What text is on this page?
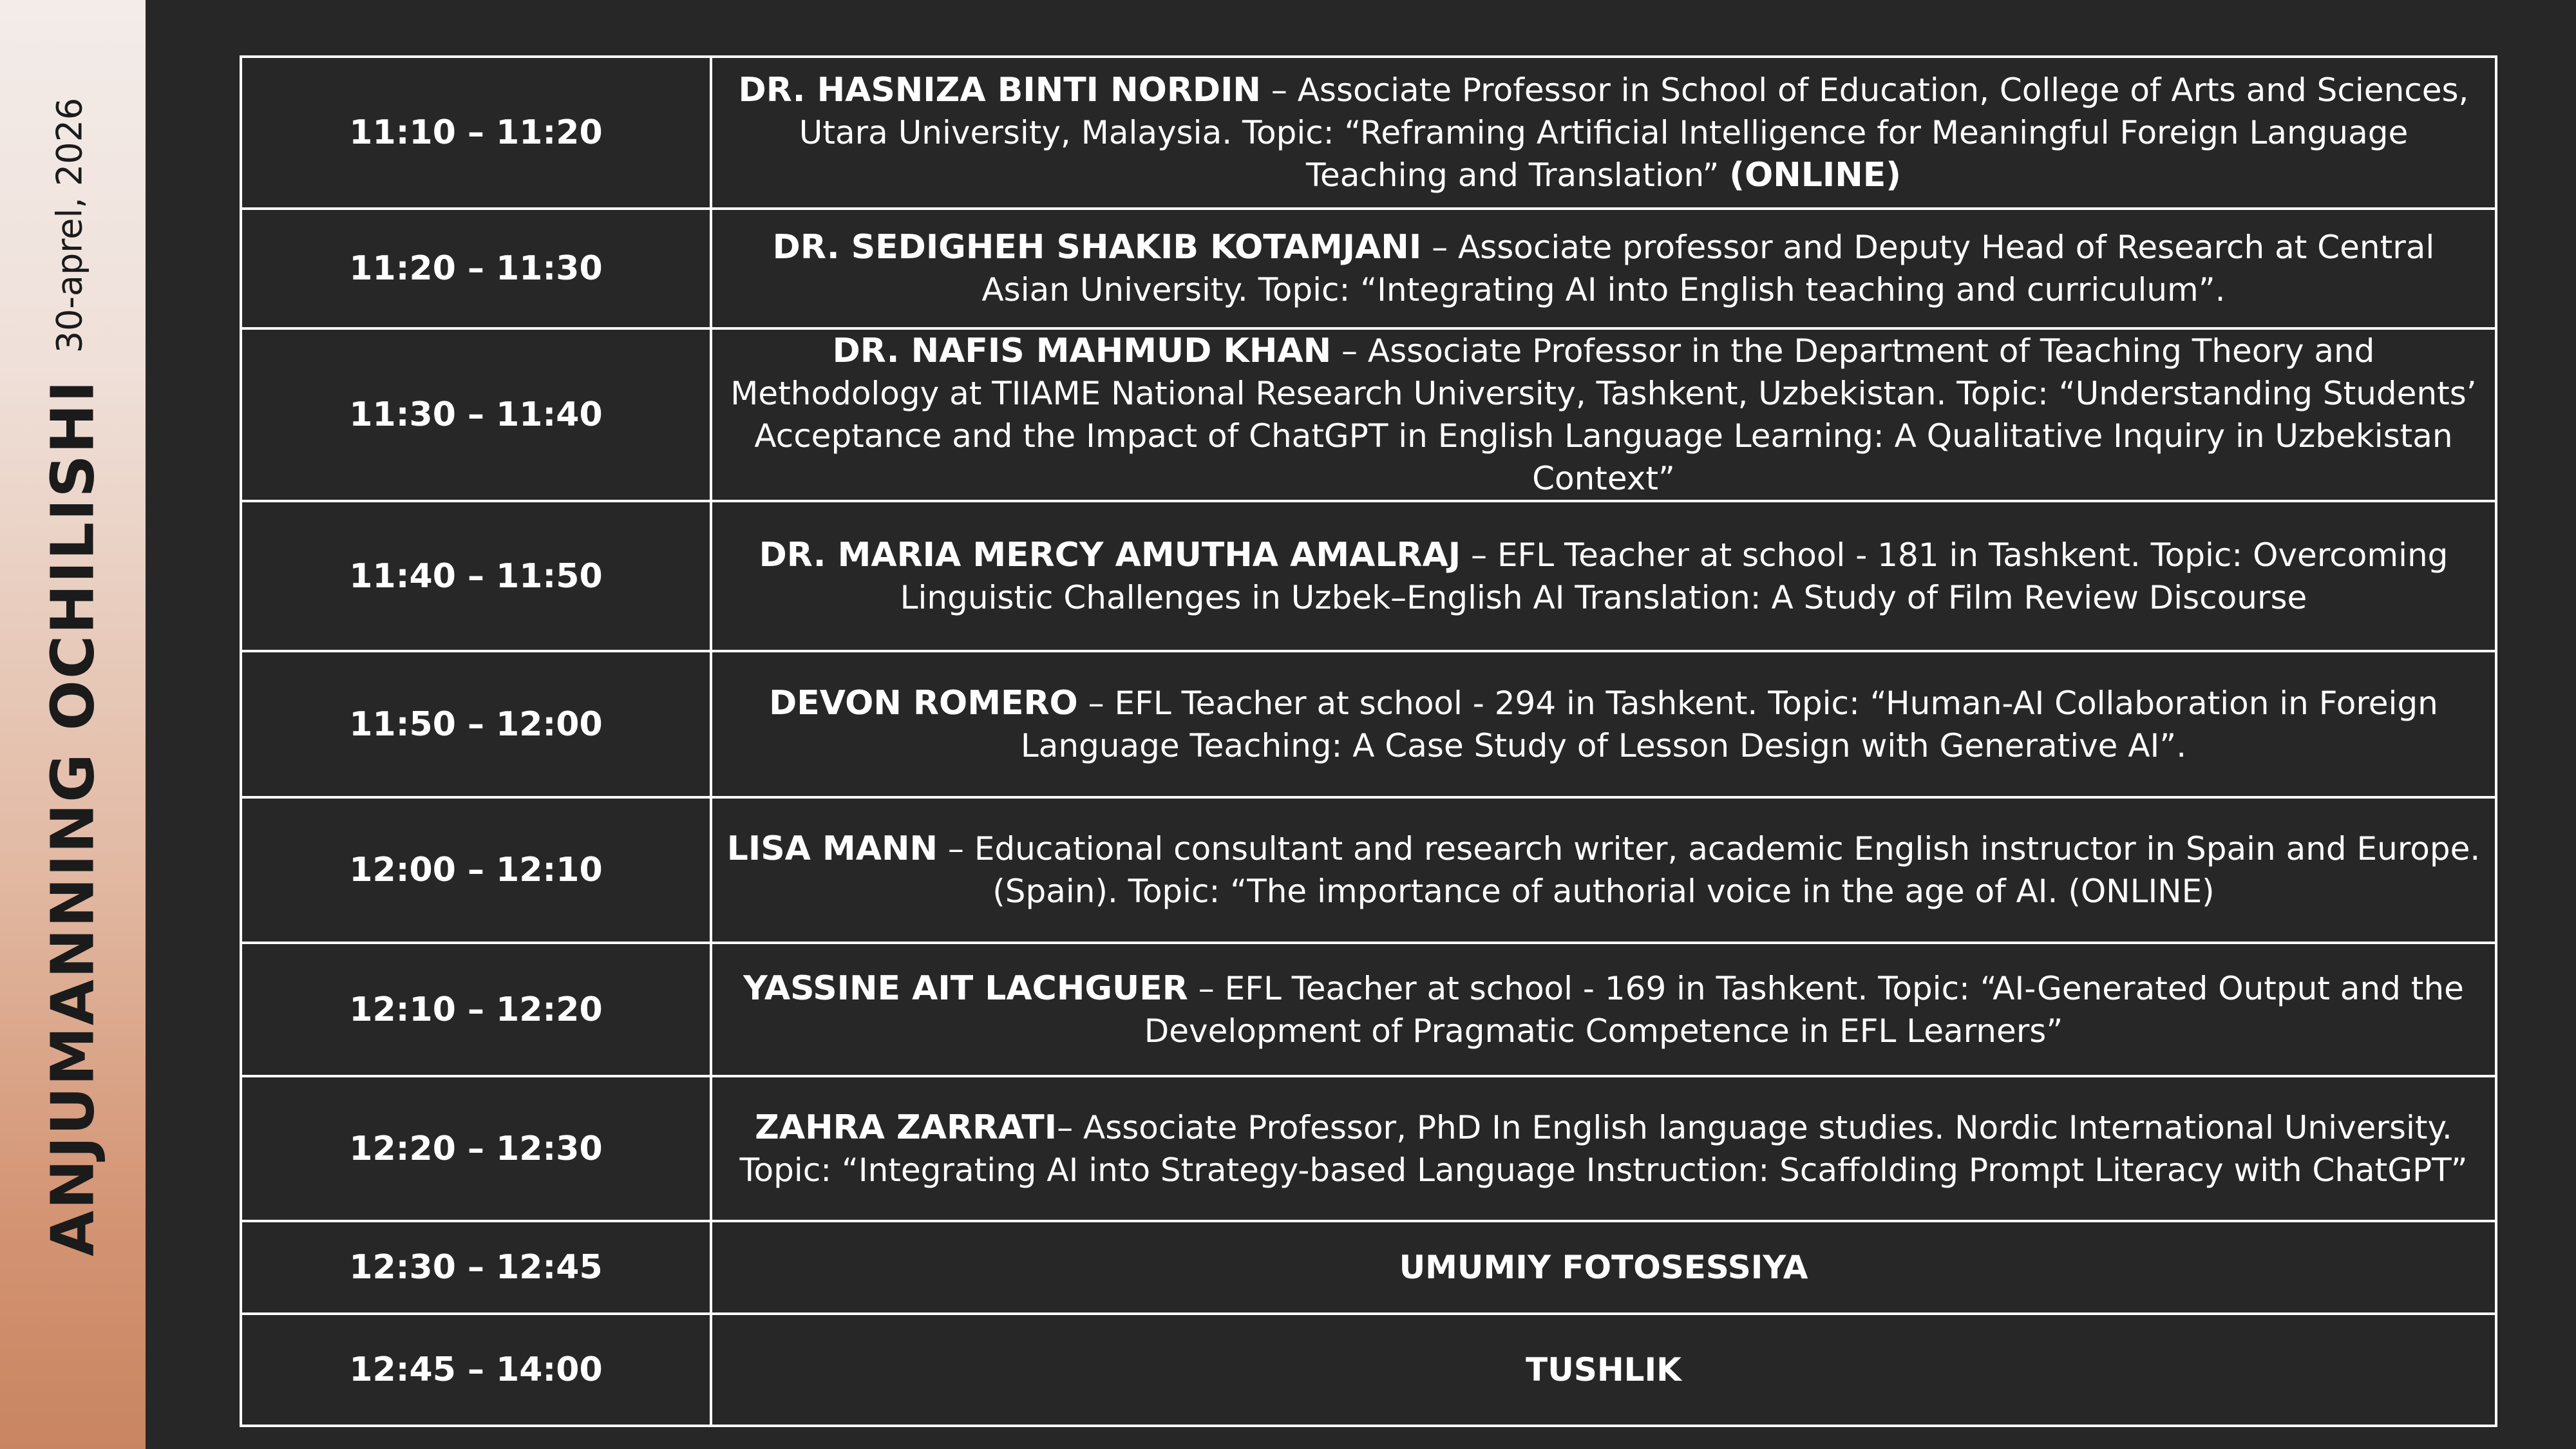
30-aprel, 2026
ANJUMANNING OCHILISHI
11:10 – 11:20	DR. HASNIZA BINTI NORDIN – Associate Professor in School of Education, College of Arts and Sciences, Utara University, Malaysia. Topic: “Reframing Artificial Intelligence for Meaningful Foreign Language Teaching and Translation” (ONLINE)
11:20 – 11:30	DR. SEDIGHEH SHAKIB KOTAMJANI – Associate professor and Deputy Head of Research at Central Asian University. Topic: “Integrating AI into English teaching and curriculum”.
11:30 – 11:40	DR. NAFIS MAHMUD KHAN – Associate Professor in the Department of Teaching Theory and Methodology at TIIAME National Research University, Tashkent, Uzbekistan. Topic: “Understanding Students’ Acceptance and the Impact of ChatGPT in English Language Learning: A Qualitative Inquiry in Uzbekistan Context”
11:40 – 11:50	DR. MARIA MERCY AMUTHA AMALRAJ – EFL Teacher at school - 181 in Tashkent. Topic: Overcoming Linguistic Challenges in Uzbek–English AI Translation: A Study of Film Review Discourse
11:50 – 12:00	DEVON ROMERO – EFL Teacher at school - 294 in Tashkent. Topic: “Human-AI Collaboration in Foreign Language Teaching: A Case Study of Lesson Design with Generative AI”.
12:00 – 12:10	LISA MANN – Educational consultant and research writer, academic English instructor in Spain and Europe. (Spain). Topic: “The importance of authorial voice in the age of AI. (ONLINE)
12:10 – 12:20	YASSINE AIT LACHGUER – EFL Teacher at school - 169 in Tashkent. Topic: “AI-Generated Output and the Development of Pragmatic Competence in EFL Learners”
12:20 – 12:30	ZAHRA ZARRATI– Associate Professor, PhD In English language studies. Nordic International University. Topic: “Integrating AI into Strategy-based Language Instruction: Scaffolding Prompt Literacy with ChatGPT”
12:30 – 12:45	UMUMIY FOTOSESSIYA
12:45 – 14:00	TUSHLIK
